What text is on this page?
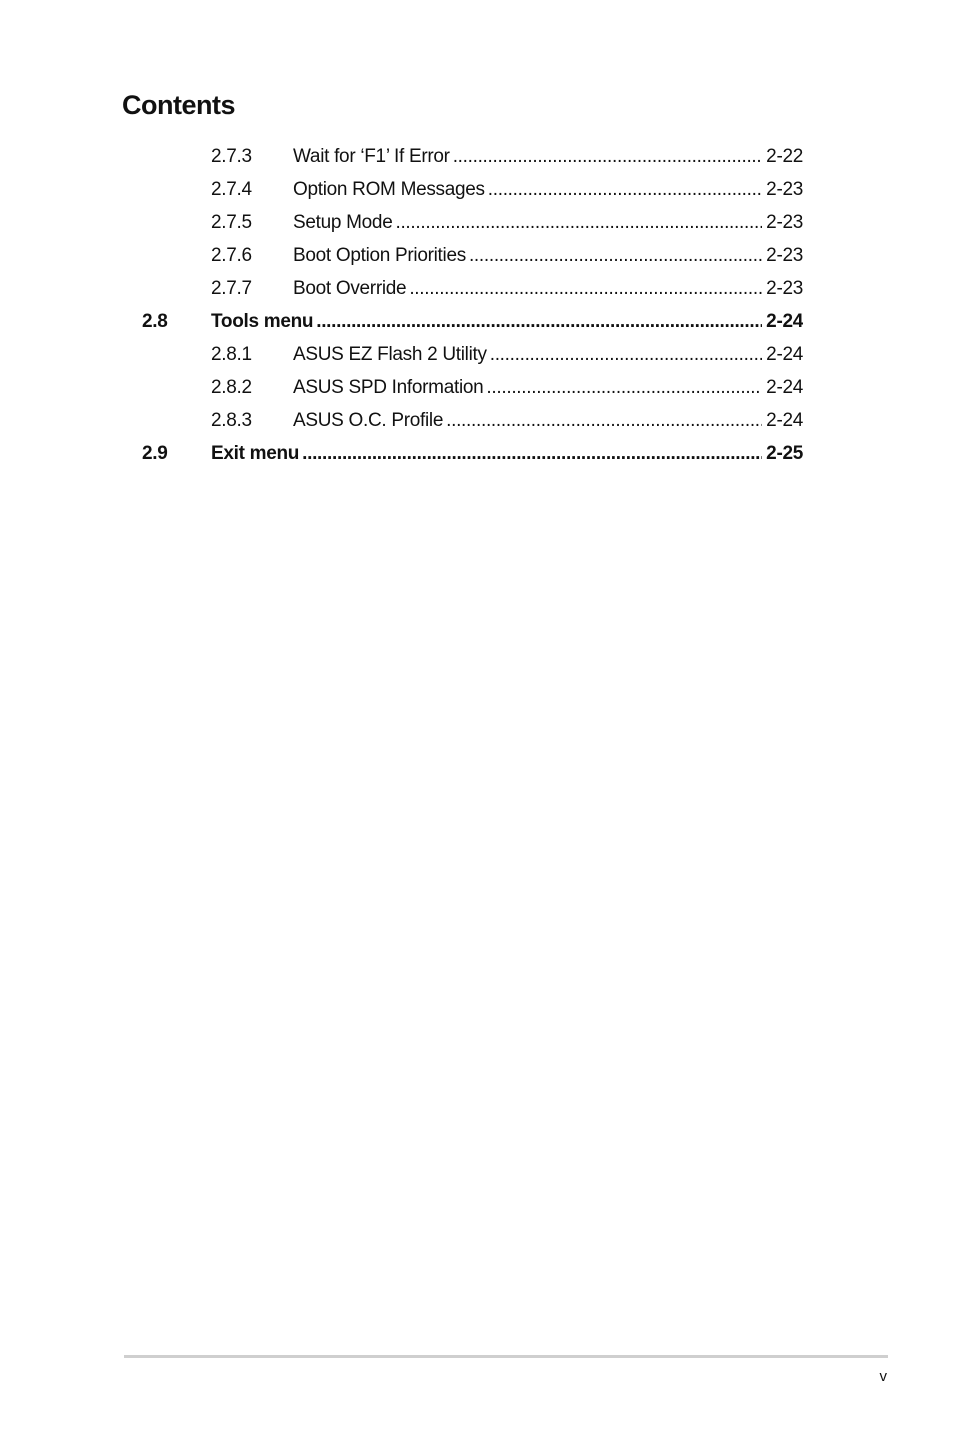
Contents
2.7.3 Wait for ‘F1’ If Error .....	2-22
2.7.4 Option ROM Messages .....	2-23
2.7.5 Setup Mode .....	2-23
2.7.6 Boot Option Priorities .....	2-23
2.7.7 Boot Override .....	2-23
2.8 Tools menu .....	2-24
2.8.1 ASUS EZ Flash 2 Utility .....	2-24
2.8.2 ASUS SPD Information .....	2-24
2.8.3 ASUS O.C. Profile .....	2-24
2.9 Exit menu .....	2-25
v
